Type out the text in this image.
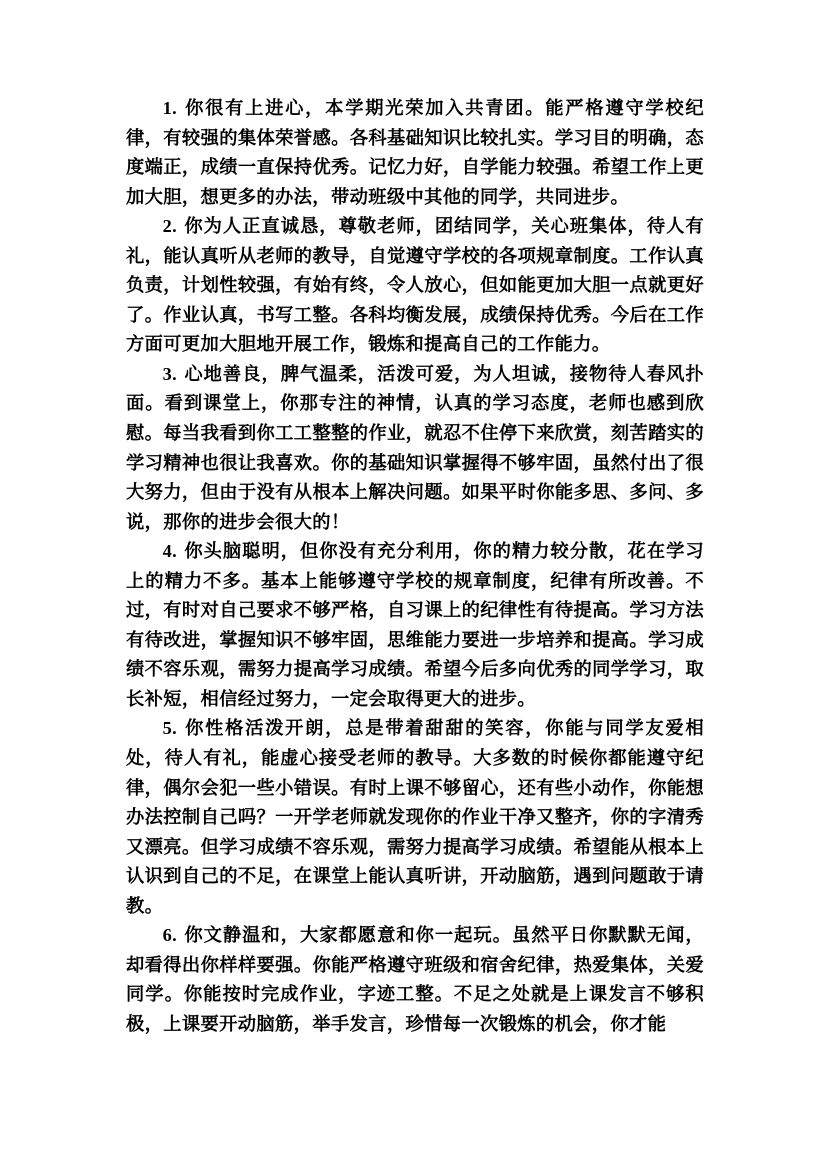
1. 你很有上进心，本学期光荣加入共青团。能严格遵守学校纪律，有较强的集体荣誉感。各科基础知识比较扎实。学习目的明确，态度端正，成绩一直保持优秀。记忆力好，自学能力较强。希望工作上更加大胆，想更多的办法，带动班级中其他的同学，共同进步。

2. 你为人正直诚恳，尊敬老师，团结同学，关心班集体，待人有礼，能认真听从老师的教导，自觉遵守学校的各项规章制度。工作认真负责，计划性较强，有始有终，令人放心，但如能更加大胆一点就更好了。作业认真，书写工整。各科均衡发展，成绩保持优秀。今后在工作方面可更加大胆地开展工作，锻炼和提高自己的工作能力。

3. 心地善良，脾气温柔，活泼可爱，为人坦诚，接物待人春风扑面。看到课堂上，你那专注的神情，认真的学习态度，老师也感到欣慰。每当我看到你工工整整的作业，就忍不住停下来欣赏，刻苦踏实的学习精神也很让我喜欢。你的基础知识掌握得不够牢固，虽然付出了很大努力，但由于没有从根本上解决问题。如果平时你能多思、多问、多说，那你的进步会很大的！

4. 你头脑聪明，但你没有充分利用，你的精力较分散，花在学习上的精力不多。基本上能够遵守学校的规章制度，纪律有所改善。不过，有时对自己要求不够严格，自习课上的纪律性有待提高。学习方法有待改进，掌握知识不够牢固，思维能力要进一步培养和提高。学习成绩不容乐观，需努力提高学习成绩。希望今后多向优秀的同学学习，取长补短，相信经过努力，一定会取得更大的进步。

5. 你性格活泼开朗，总是带着甜甜的笑容，你能与同学友爱相处，待人有礼，能虚心接受老师的教导。大多数的时候你都能遵守纪律，偶尔会犯一些小错误。有时上课不够留心，还有些小动作，你能想办法控制自己吗？一开学老师就发现你的作业干净又整齐，你的字清秀又漂亮。但学习成绩不容乐观，需努力提高学习成绩。希望能从根本上认识到自己的不足，在课堂上能认真听讲，开动脑筋，遇到问题敢于请教。

6. 你文静温和，大家都愿意和你一起玩。虽然平日你默默无闻，却看得出你样样要强。你能严格遵守班级和宿舍纪律，热爱集体，关爱同学。你能按时完成作业，字迹工整。不足之处就是上课发言不够积极，上课要开动脑筋，举手发言，珍惜每一次锻炼的机会，你才能
